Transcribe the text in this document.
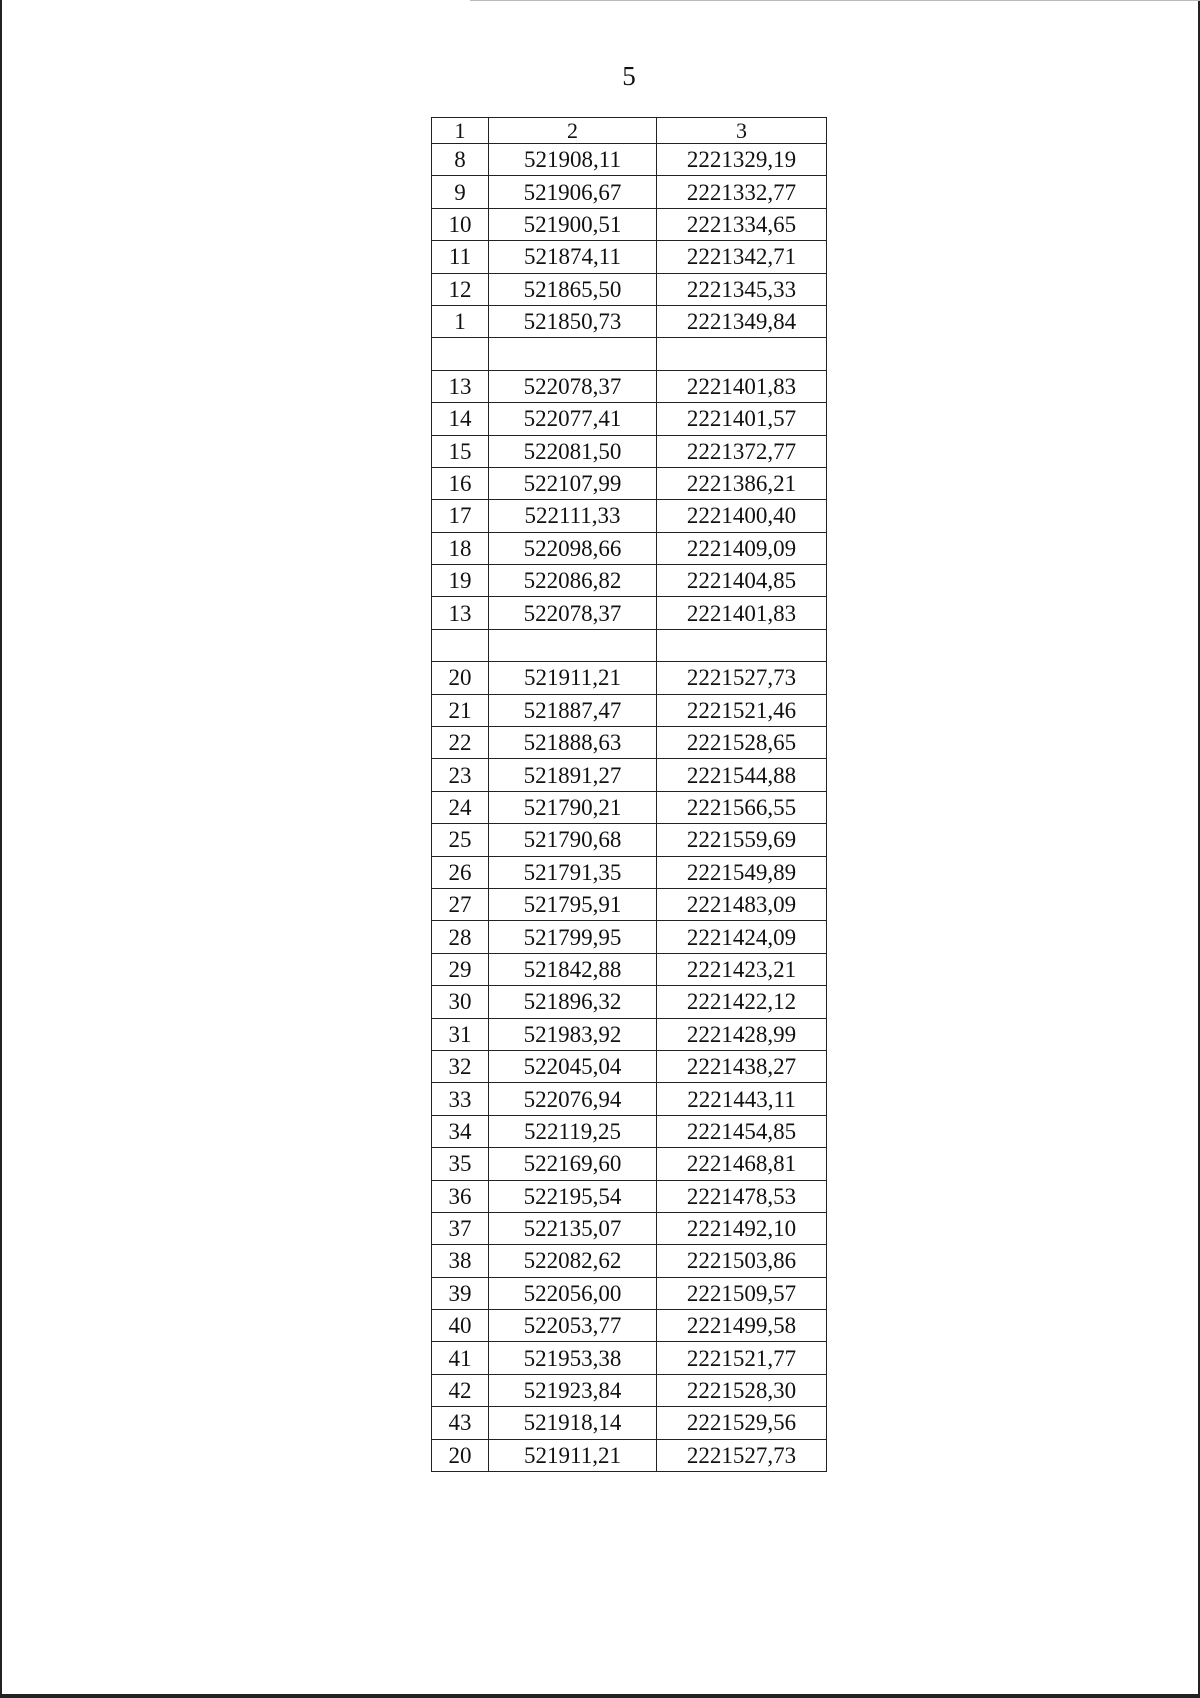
5
1	2	3
8	521908,11	2221329,19
9	521906,67	2221332,77
10	521900,51	2221334,65
11	521874,11	2221342,71
12	521865,50	2221345,33
1	521850,73	2221349,84

13	522078,37	2221401,83
14	522077,41	2221401,57
15	522081,50	2221372,77
16	522107,99	2221386,21
17	522111,33	2221400,40
18	522098,66	2221409,09
19	522086,82	2221404,85
13	522078,37	2221401,83

20	521911,21	2221527,73
21	521887,47	2221521,46
22	521888,63	2221528,65
23	521891,27	2221544,88
24	521790,21	2221566,55
25	521790,68	2221559,69
26	521791,35	2221549,89
27	521795,91	2221483,09
28	521799,95	2221424,09
29	521842,88	2221423,21
30	521896,32	2221422,12
31	521983,92	2221428,99
32	522045,04	2221438,27
33	522076,94	2221443,11
34	522119,25	2221454,85
35	522169,60	2221468,81
36	522195,54	2221478,53
37	522135,07	2221492,10
38	522082,62	2221503,86
39	522056,00	2221509,57
40	522053,77	2221499,58
41	521953,38	2221521,77
42	521923,84	2221528,30
43	521918,14	2221529,56
20	521911,21	2221527,73
